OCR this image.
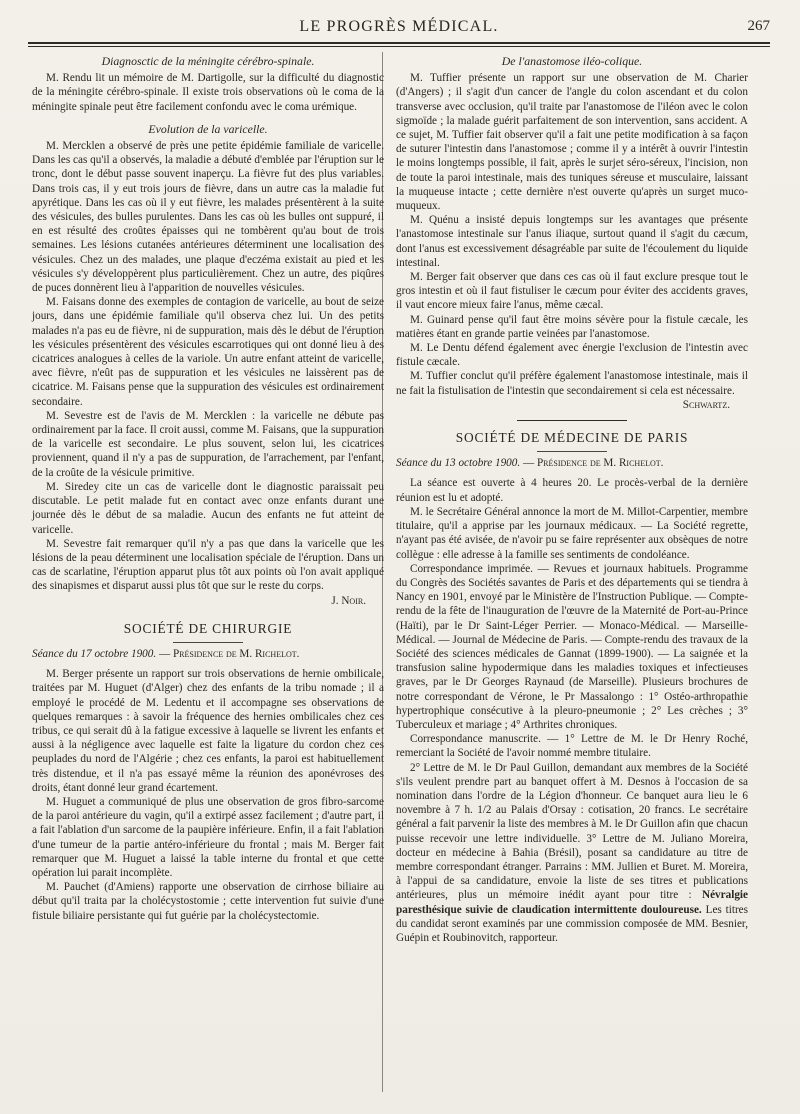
LE PROGRÈS MÉDICAL.	267

Diagnosctic de la méningite cérébro-spinale.

M. Rendu lit un mémoire de M. Dartigolle, sur la difficulté du diagnostic de la méningite cérébro-spinale. Il existe trois observations où le coma de la méningite spinale peut être facilement confondu avec le coma urémique.

Evolution de la varicelle.

M. Mercklen a observé de près une petite épidémie familiale de varicelle. Dans les cas qu'il a observés, la maladie a débuté d'emblée par l'éruption sur le tronc, dont le début passe souvent inaperçu. La fièvre fut des plus variables. Dans trois cas, il y eut trois jours de fièvre, dans un autre cas la maladie fut apyrétique. Dans les cas où il y eut fièvre, les malades présentèrent à la suite des vésicules, des bulles purulentes. Dans les cas où les bulles ont suppuré, il en est résulté des croûtes épaisses qui ne tombèrent qu'au bout de trois semaines. Les lésions cutanées antérieures déterminent une localisation des vésicules. Chez un des malades, une plaque d'eczéma existait au pied et les vésicules s'y développèrent plus particulièrement. Chez un autre, des piqûres de puces donnèrent lieu à l'apparition de nouvelles vésicules.

M. Faisans donne des exemples de contagion de varicelle, au bout de seize jours, dans une épidémie familiale qu'il observa chez lui. Un des petits malades n'a pas eu de fièvre, ni de suppuration, mais dès le début de l'éruption les vésicules présentèrent des vésicules escarrotiques qui ont donné lieu à des cicatrices analogues à celles de la variole. Un autre enfant atteint de varicelle, avec fièvre, n'eût pas de suppuration et les vésicules ne laissèrent pas de cicatrice. M. Faisans pense que la suppuration des vésicules est ordinairement secondaire.

M. Sevestre est de l'avis de M. Mercklen : la varicelle ne débute pas ordinairement par la face. Il croit aussi, comme M. Faisans, que la suppuration de la varicelle est secondaire. Le plus souvent, selon lui, les cicatrices proviennent, quand il n'y a pas de suppuration, de l'arrachement, par l'enfant, de la croûte de la vésicule primitive.

M. Siredey cite un cas de varicelle dont le diagnostic paraissait peu discutable. Le petit malade fut en contact avec onze enfants durant une journée dès le début de sa maladie. Aucun des enfants ne fut atteint de varicelle.

M. Sevestre fait remarquer qu'il n'y a pas que dans la varicelle que les lésions de la peau déterminent une localisation spéciale de l'éruption. Dans un cas de scarlatine, l'éruption apparut plus tôt aux points où l'on avait appliqué des sinapismes et disparut aussi plus tôt que sur le reste du corps.

J. Noir.

SOCIÉTÉ DE CHIRURGIE

Séance du 17 octobre 1900. — Présidence de M. Richelot.

M. Berger présente un rapport sur trois observations de hernie ombilicale, traitées par M. Huguet (d'Alger) chez des enfants de la tribu nomade ; il a employé le procédé de M. Ledentu et il accompagne ses observations de quelques remarques : à savoir la fréquence des hernies ombilicales chez ces tribus, ce qui serait dû à la fatigue excessive à laquelle se livrent les enfants et aussi à la négligence avec laquelle est faite la ligature du cordon chez ces peuplades du nord de l'Algérie ; chez ces enfants, la paroi est habituellement très distendue, et il n'a pas essayé même la réunion des aponévroses des droits, étant donné leur grand écartement.

M. Huguet a communiqué de plus une observation de gros fibro-sarcome de la paroi antérieure du vagin, qu'il a extirpé assez facilement ; d'autre part, il a fait l'ablation d'un sarcome de la paupière inférieure. Enfin, il a fait l'ablation d'une tumeur de la partie antéro-inférieure du frontal ; mais M. Berger fait remarquer que M. Huguet a laissé la table interne du frontal et que cette opération lui parait incomplète.

M. Pauchet (d'Amiens) rapporte une observation de cirrhose biliaire au début qu'il traita par la cholécystostomie ; cette intervention fut suivie d'une fistule biliaire persistante qui fut guérie par la cholécystectomie.

De l'anastomose iléo-colique.

M. Tuffier présente un rapport sur une observation de M. Charier (d'Angers) ; il s'agit d'un cancer de l'angle du colon ascendant et du colon transverse avec occlusion, qu'il traite par l'anastomose de l'iléon avec le colon sigmoïde ; la malade guérit parfaitement de son intervention, sans accident. A ce sujet, M. Tuffier fait observer qu'il a fait une petite modification à sa façon de suturer l'intestin dans l'anastomose ; comme il y a intérêt à ouvrir l'intestin le moins longtemps possible, il fait, après le surjet séro-séreux, l'incision, non de toute la paroi intestinale, mais des tuniques séreuse et musculaire, laissant la muqueuse intacte ; cette dernière n'est ouverte qu'après un surget muco-muqueux.

M. Quénu a insisté depuis longtemps sur les avantages que présente l'anastomose intestinale sur l'anus iliaque, surtout quand il s'agit du cæcum, dont l'anus est excessivement désagréable par suite de l'écoulement du liquide intestinal.

M. Berger fait observer que dans ces cas où il faut exclure presque tout le gros intestin et où il faut fistuliser le cæcum pour éviter des accidents graves, il vaut encore mieux faire l'anus, même cæcal.

M. Guinard pense qu'il faut être moins sévère pour la fistule cæcale, les matières étant en grande partie veinées par l'anastomose.

M. Le Dentu défend également avec énergie l'exclusion de l'intestin avec fistule cæcale.

M. Tuffier conclut qu'il préfère également l'anastomose intestinale, mais il ne fait la fistulisation de l'intestin que secondairement si cela est nécessaire.

Schwartz.

SOCIÉTÉ DE MÉDECINE DE PARIS

Séance du 13 octobre 1900. — Présidence de M. Richelot.

La séance est ouverte à 4 heures 20. Le procès-verbal de la dernière réunion est lu et adopté.

M. le Secrétaire Général annonce la mort de M. Millot-Carpentier, membre titulaire, qu'il a apprise par les journaux médicaux. — La Société regrette, n'ayant pas été avisée, de n'avoir pu se faire représenter aux obsèques de notre collègue : elle adresse à la famille ses sentiments de condoléance.

Correspondance imprimée. — Revues et journaux habituels. Programme du Congrès des Sociétés savantes de Paris et des départements qui se tiendra à Nancy en 1901, envoyé par le Ministère de l'Instruction Publique. — Compte-rendu de la fête de l'inauguration de l'œuvre de la Maternité de Port-au-Prince (Haïti), par le Dr Saint-Léger Perrier. — Monaco-Médical. — Marseille-Médical. — Journal de Médecine de Paris. — Compte-rendu des travaux de la Société des sciences médicales de Gannat (1899-1900). — La saignée et la transfusion saline hypodermique dans les maladies toxiques et infectieuses graves, par le Dr Georges Raynaud (de Marseille). Plusieurs brochures de notre correspondant de Vérone, le Pr Massalongo : 1° Ostéo-arthropathie hypertrophique consécutive à la pleuro-pneumonie ; 2° Les crèches ; 3° Tuberculeux et mariage ; 4° Arthrites chroniques.

Correspondance manuscrite. — 1° Lettre de M. le Dr Henry Roché, remerciant la Société de l'avoir nommé membre titulaire.

2° Lettre de M. le Dr Paul Guillon, demandant aux membres de la Société s'ils veulent prendre part au banquet offert à M. Desnos à l'occasion de sa nomination dans l'ordre de la Légion d'honneur. Ce banquet aura lieu le 6 novembre à 7 h. 1/2 au Palais d'Orsay : cotisation, 20 francs. Le secrétaire général a fait parvenir la liste des membres à M. le Dr Guillon afin que chacun puisse recevoir une lettre individuelle. 3° Lettre de M. Juliano Moreira, docteur en médecine à Bahia (Brésil), posant sa candidature au titre de membre correspondant étranger. Parrains : MM. Jullien et Buret. M. Moreira, à l'appui de sa candidature, envoie la liste de ses titres et publications antérieures, plus un mémoire inédit ayant pour titre : Névralgie paresthésique suivie de claudication intermittente douloureuse. Les titres du candidat seront examinés par une commission composée de MM. Besnier, Guépin et Roubinovitch, rapporteur.
